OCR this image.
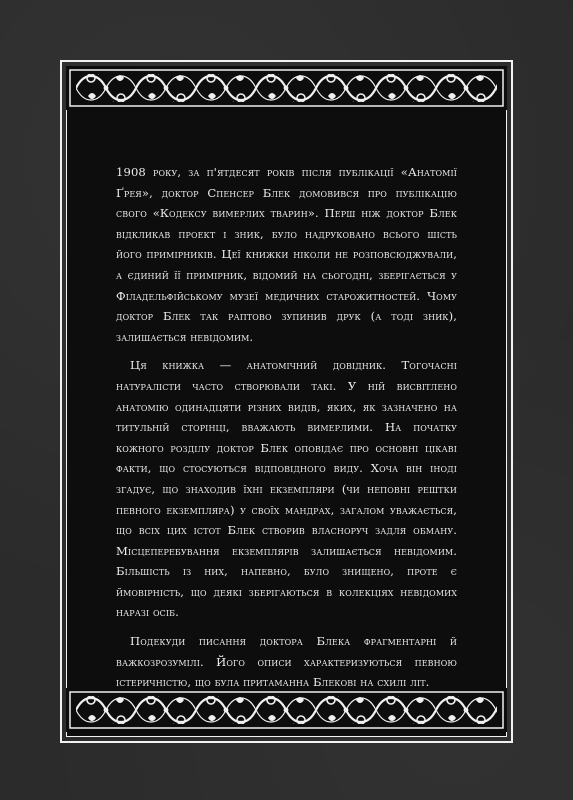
1908 року, за п'ятдесят років після публікації «Анатомії Ґрея», доктор Спенсер Блек домовився про публікацію свого «Кодексу вимерлих тварин». Перш ніж доктор Блек відкликав проект і зник, було надруковано всього шість його примірників. Цеї книжки ніколи не розповсюджували, а єдиний її примірник, відомий на сьогодні, зберігається у Філадельфійському музеї медичних старожитностей. Чому доктор Блек так раптово зупинив друк (а тоді зник), залишається невідомим.

Ця книжка — анатомічний довідник. Тогочасні натуралісти часто створювали такі. У ній висвітлено анатомію одинадцяти різних видів, яких, як зазначено на титульній сторінці, вважають вимерлими. На початку кожного розділу доктор Блек оповідає про основні цікаві факти, що стосуються відповідного виду. Хоча він іноді згадує, що знаходив їхні екземпляри (чи неповні рештки певного екземпляра) у своїх мандрах, загалом уважається, що всіх цих істот Блек створив власноруч задля обману. Місцеперебування екземплярів залишається невідомим. Більшість із них, напевно, було знищено, проте є ймовірність, що деякі зберігаються в колекціях невідомих наразі осіб.

Подекуди писання доктора Блека фрагментарні й важкозрозумілі. Його описи характеризуються певною істеричністю, що була притаманна Блекові на схилі літ.
